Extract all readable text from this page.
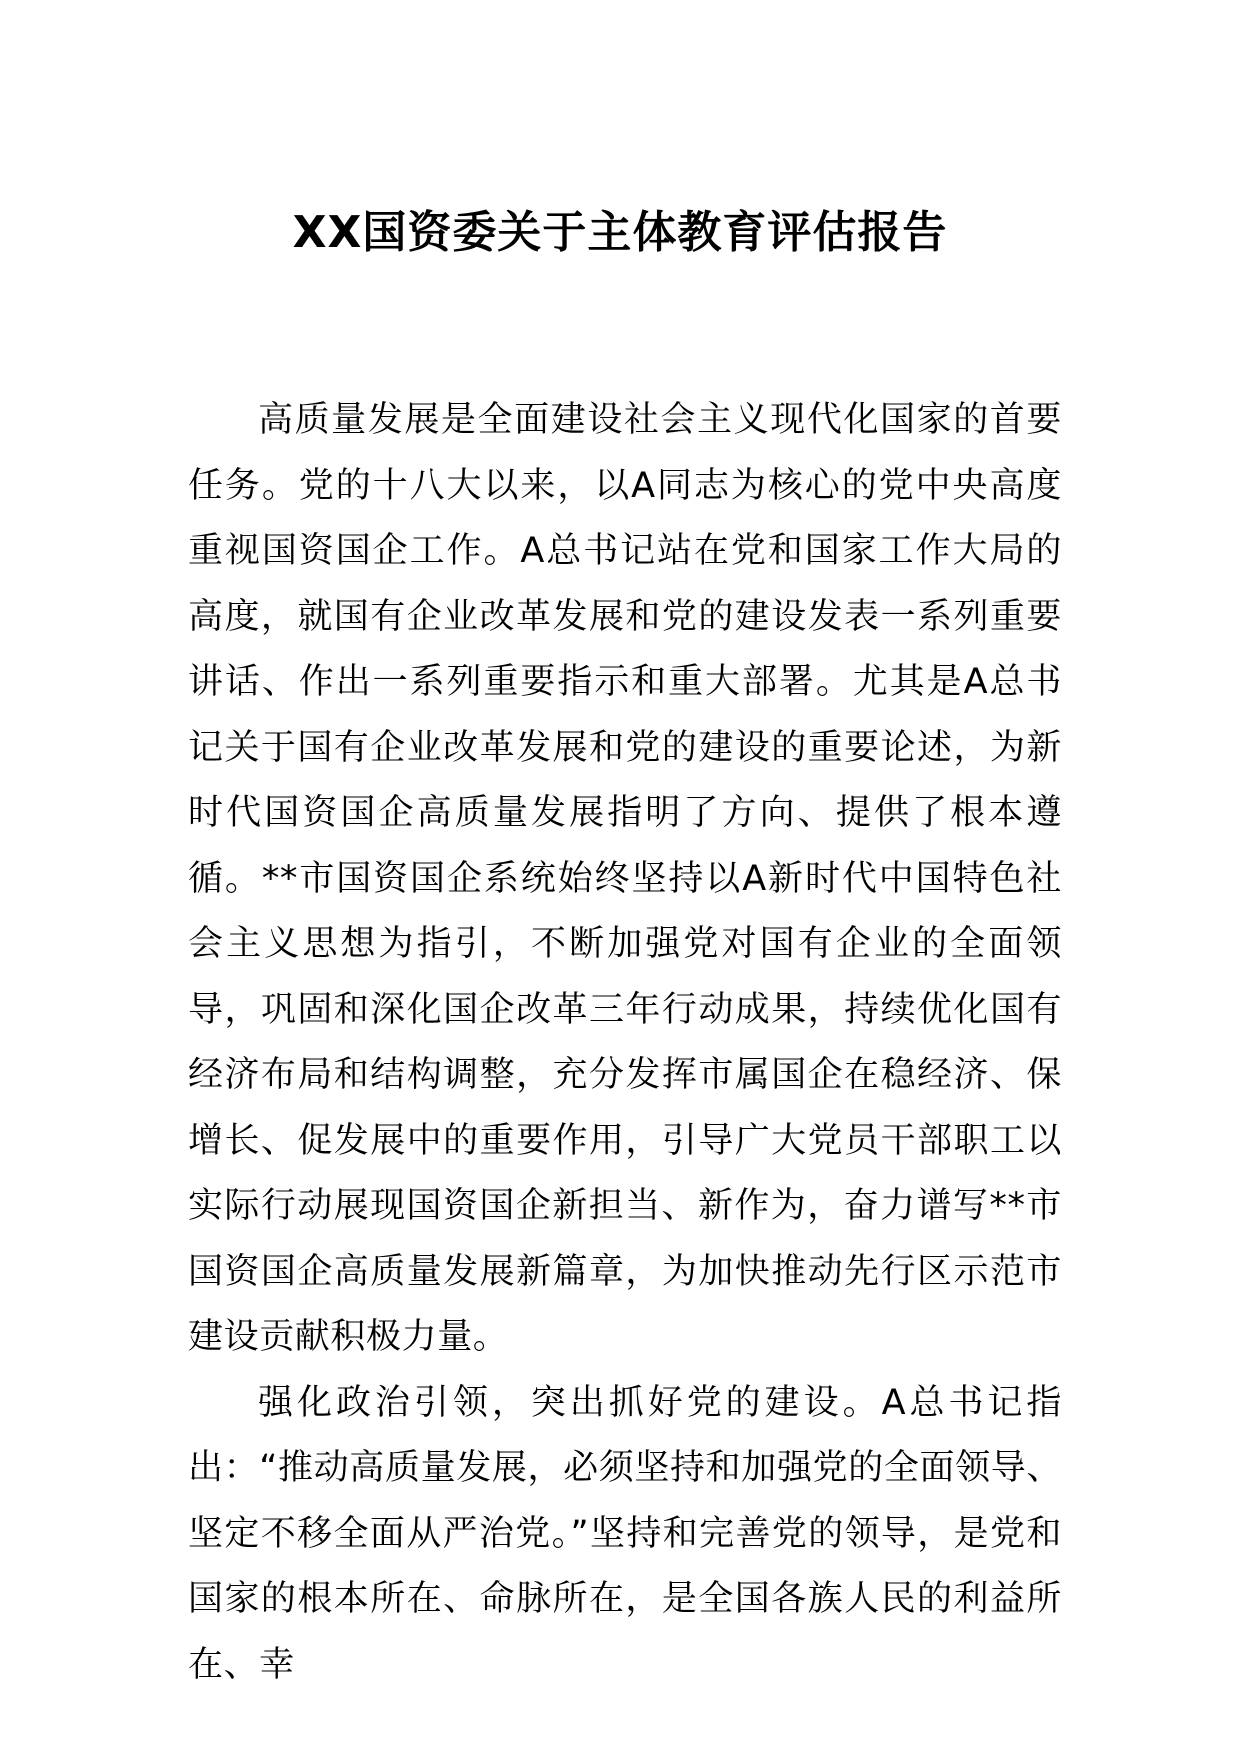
XX国资委关于主体教育评估报告

高质量发展是全面建设社会主义现代化国家的首要任务。党的十八大以来，以A同志为核心的党中央高度重视国资国企工作。A总书记站在党和国家工作大局的高度，就国有企业改革发展和党的建设发表一系列重要讲话、作出一系列重要指示和重大部署。尤其是A总书记关于国有企业改革发展和党的建设的重要论述，为新时代国资国企高质量发展指明了方向、提供了根本遵循。**市国资国企系统始终坚持以A新时代中国特色社会主义思想为指引，不断加强党对国有企业的全面领导，巩固和深化国企改革三年行动成果，持续优化国有经济布局和结构调整，充分发挥市属国企在稳经济、保增长、促发展中的重要作用，引导广大党员干部职工以实际行动展现国资国企新担当、新作为，奋力谱写**市国资国企高质量发展新篇章，为加快推动先行区示范市建设贡献积极力量。

强化政治引领，突出抓好党的建设。A总书记指出：“推动高质量发展，必须坚持和加强党的全面领导、坚定不移全面从严治党。”坚持和完善党的领导，是党和国家的根本所在、命脉所在，是全国各族人民的利益所在、幸
